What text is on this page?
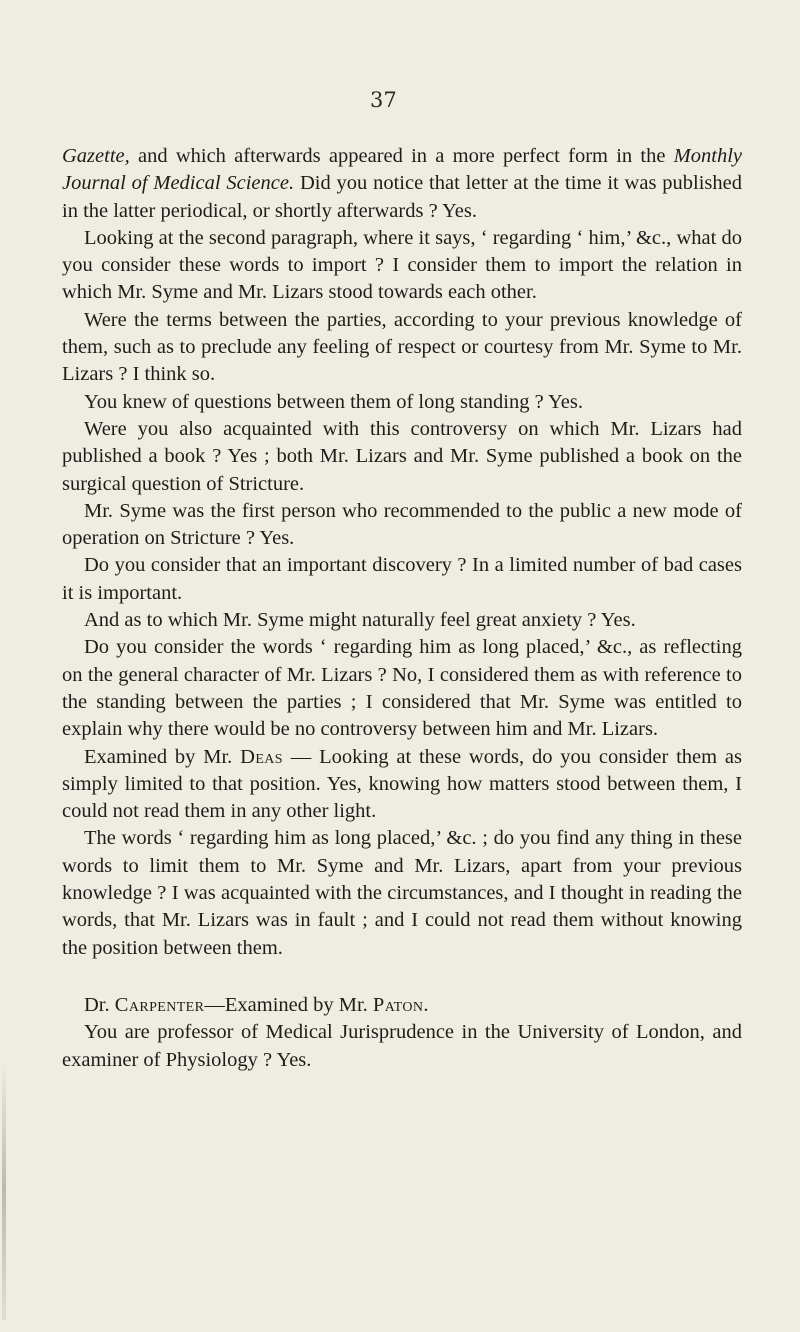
37

Gazette, and which afterwards appeared in a more perfect form in the Monthly Journal of Medical Science. Did you notice that letter at the time it was published in the latter periodical, or shortly afterwards ? Yes.

Looking at the second paragraph, where it says, ‘ regarding ‘ him,’ &c., what do you consider these words to import ? I consider them to import the relation in which Mr. Syme and Mr. Lizars stood towards each other.

Were the terms between the parties, according to your previous knowledge of them, such as to preclude any feeling of respect or courtesy from Mr. Syme to Mr. Lizars ? I think so.

You knew of questions between them of long standing ? Yes.

Were you also acquainted with this controversy on which Mr. Lizars had published a book ? Yes ; both Mr. Lizars and Mr. Syme published a book on the surgical question of Stricture.

Mr. Syme was the first person who recommended to the public a new mode of operation on Stricture ? Yes.

Do you consider that an important discovery ? In a limited number of bad cases it is important.

And as to which Mr. Syme might naturally feel great anxiety ? Yes.

Do you consider the words ‘ regarding him as long placed,’ &c., as reflecting on the general character of Mr. Lizars ? No, I considered them as with reference to the standing between the parties ; I considered that Mr. Syme was entitled to explain why there would be no controversy between him and Mr. Lizars.

Examined by Mr. Deas — Looking at these words, do you consider them as simply limited to that position. Yes, knowing how matters stood between them, I could not read them in any other light.

The words ‘ regarding him as long placed,’ &c. ; do you find any thing in these words to limit them to Mr. Syme and Mr. Lizars, apart from your previous knowledge ? I was acquainted with the circumstances, and I thought in reading the words, that Mr. Lizars was in fault ; and I could not read them without knowing the position between them.

Dr. Carpenter—Examined by Mr. Paton.

You are professor of Medical Jurisprudence in the University of London, and examiner of Physiology ? Yes.
